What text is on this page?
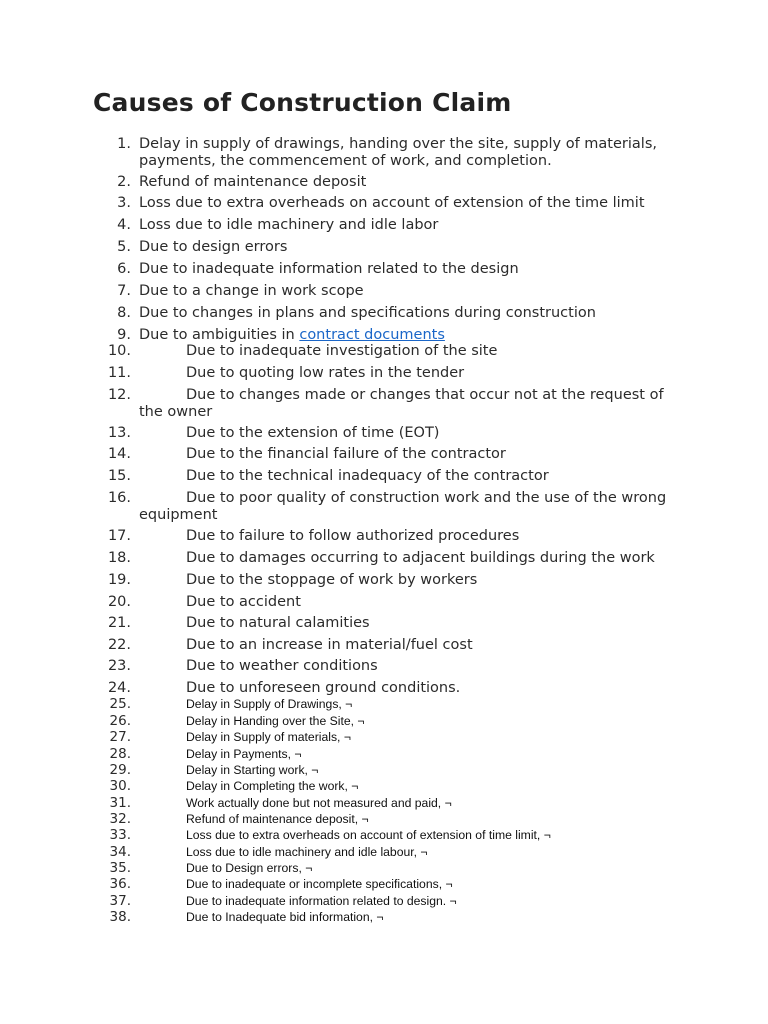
Causes of Construction Claim
1. Delay in supply of drawings, handing over the site, supply of materials, payments, the commencement of work, and completion.
2. Refund of maintenance deposit
3. Loss due to extra overheads on account of extension of the time limit
4. Loss due to idle machinery and idle labor
5. Due to design errors
6. Due to inadequate information related to the design
7. Due to a change in work scope
8. Due to changes in plans and specifications during construction
9. Due to ambiguities in contract documents
10.	Due to inadequate investigation of the site
11.	Due to quoting low rates in the tender
12.	Due to changes made or changes that occur not at the request of the owner
13.	Due to the extension of time (EOT)
14.	Due to the financial failure of the contractor
15.	Due to the technical inadequacy of the contractor
16.	Due to poor quality of construction work and the use of the wrong equipment
17.	Due to failure to follow authorized procedures
18.	Due to damages occurring to adjacent buildings during the work
19.	Due to the stoppage of work by workers
20.	Due to accident
21.	Due to natural calamities
22.	Due to an increase in material/fuel cost
23.	Due to weather conditions
24.	Due to unforeseen ground conditions.
25.	Delay in Supply of Drawings, ¬
26.	Delay in Handing over the Site, ¬
27.	Delay in Supply of materials, ¬
28.	Delay in Payments, ¬
29.	Delay in Starting work, ¬
30.	Delay in Completing the work, ¬
31.	Work actually done but not measured and paid, ¬
32.	Refund of maintenance deposit, ¬
33.	Loss due to extra overheads on account of extension of time limit, ¬
34.	Loss due to idle machinery and idle labour, ¬
35.	Due to Design errors, ¬
36.	Due to inadequate or incomplete specifications, ¬
37.	Due to inadequate information related to design. ¬
38.	Due to Inadequate bid information, ¬
